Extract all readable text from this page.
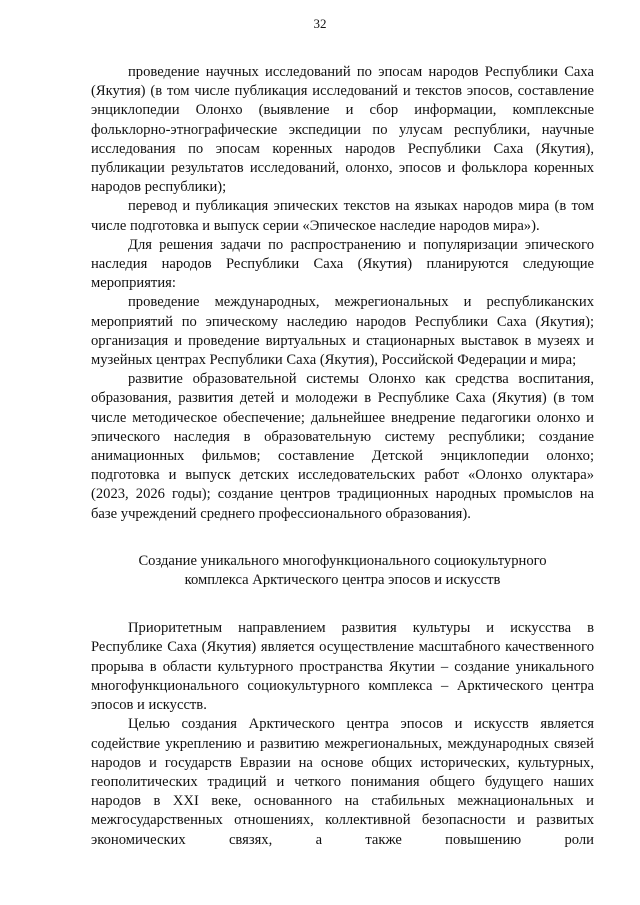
32

проведение научных исследований по эпосам народов Республики Саха (Якутия) (в том числе публикация исследований и текстов эпосов, составление энциклопедии Олонхо (выявление и сбор информации, комплексные фольклорно-этнографические экспедиции по улусам республики, научные исследования по эпосам коренных народов Республики Саха (Якутия), публикации результатов исследований, олонхо, эпосов и фольклора коренных народов республики);

перевод и публикация эпических текстов на языках народов мира (в том числе подготовка и выпуск серии «Эпическое наследие народов мира»).

Для решения задачи по распространению и популяризации эпического наследия народов Республики Саха (Якутия) планируются следующие мероприятия:

проведение международных, межрегиональных и республиканских мероприятий по эпическому наследию народов Республики Саха (Якутия); организация и проведение виртуальных и стационарных выставок в музеях и музейных центрах Республики Саха (Якутия), Российской Федерации и мира;

развитие образовательной системы Олонхо как средства воспитания, образования, развития детей и молодежи в Республике Саха (Якутия) (в том числе методическое обеспечение; дальнейшее внедрение педагогики олонхо и эпического наследия в образовательную систему республики; создание анимационных фильмов; составление Детской энциклопедии олонхо; подготовка и выпуск детских исследовательских работ «Олонхо олуктара» (2023, 2026 годы); создание центров традиционных народных промыслов на базе учреждений среднего профессионального образования).

Создание уникального многофункционального социокультурного
комплекса Арктического центра эпосов и искусств

Приоритетным направлением развития культуры и искусства в Республике Саха (Якутия) является осуществление масштабного качественного прорыва в области культурного пространства Якутии – создание уникального многофункционального социокультурного комплекса – Арктического центра эпосов и искусств.

Целью создания Арктического центра эпосов и искусств является содействие укреплению и развитию межрегиональных, международных связей народов и государств Евразии на основе общих исторических, культурных, геополитических традиций и четкого понимания общего будущего наших народов в XXI веке, основанного на стабильных межнациональных и межгосударственных отношениях, коллективной безопасности и развитых экономических связях, а также повышению роли
